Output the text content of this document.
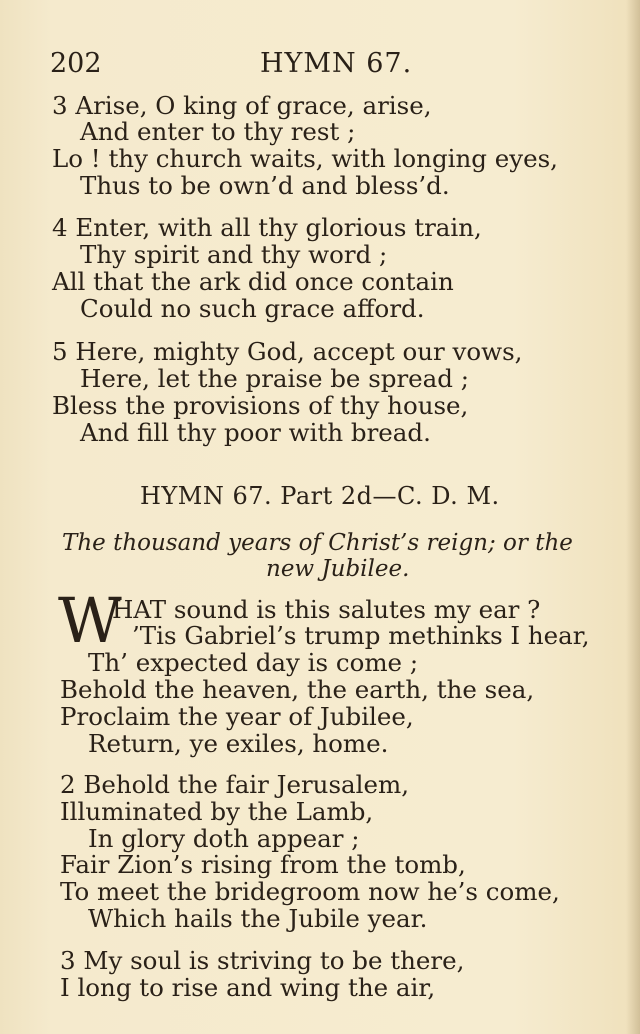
202	HYMN 67.
3 Arise, O king of grace, arise,
And enter to thy rest ;
Lo ! thy church waits, with longing eyes,
Thus to be own’d and bless’d.
4 Enter, with all thy glorious train,
Thy spirit and thy word ;
All that the ark did once contain
Could no such grace afford.
5 Here, mighty God, accept our vows,
Here, let the praise be spread ;
Bless the provisions of thy house,
And fill thy poor with bread.
HYMN 67. Part 2d—C. D. M.
The thousand years of Christ’s reign; or the
new Jubilee.
W
HAT sound is this salutes my ear ?
’Tis Gabriel’s trump methinks I hear,
Th’ expected day is come ;
Behold the heaven, the earth, the sea,
Proclaim the year of Jubilee,
Return, ye exiles, home.
2 Behold the fair Jerusalem,
Illuminated by the Lamb,
In glory doth appear ;
Fair Zion’s rising from the tomb,
To meet the bridegroom now he’s come,
Which hails the Jubile year.
3 My soul is striving to be there,
I long to rise and wing the air,
